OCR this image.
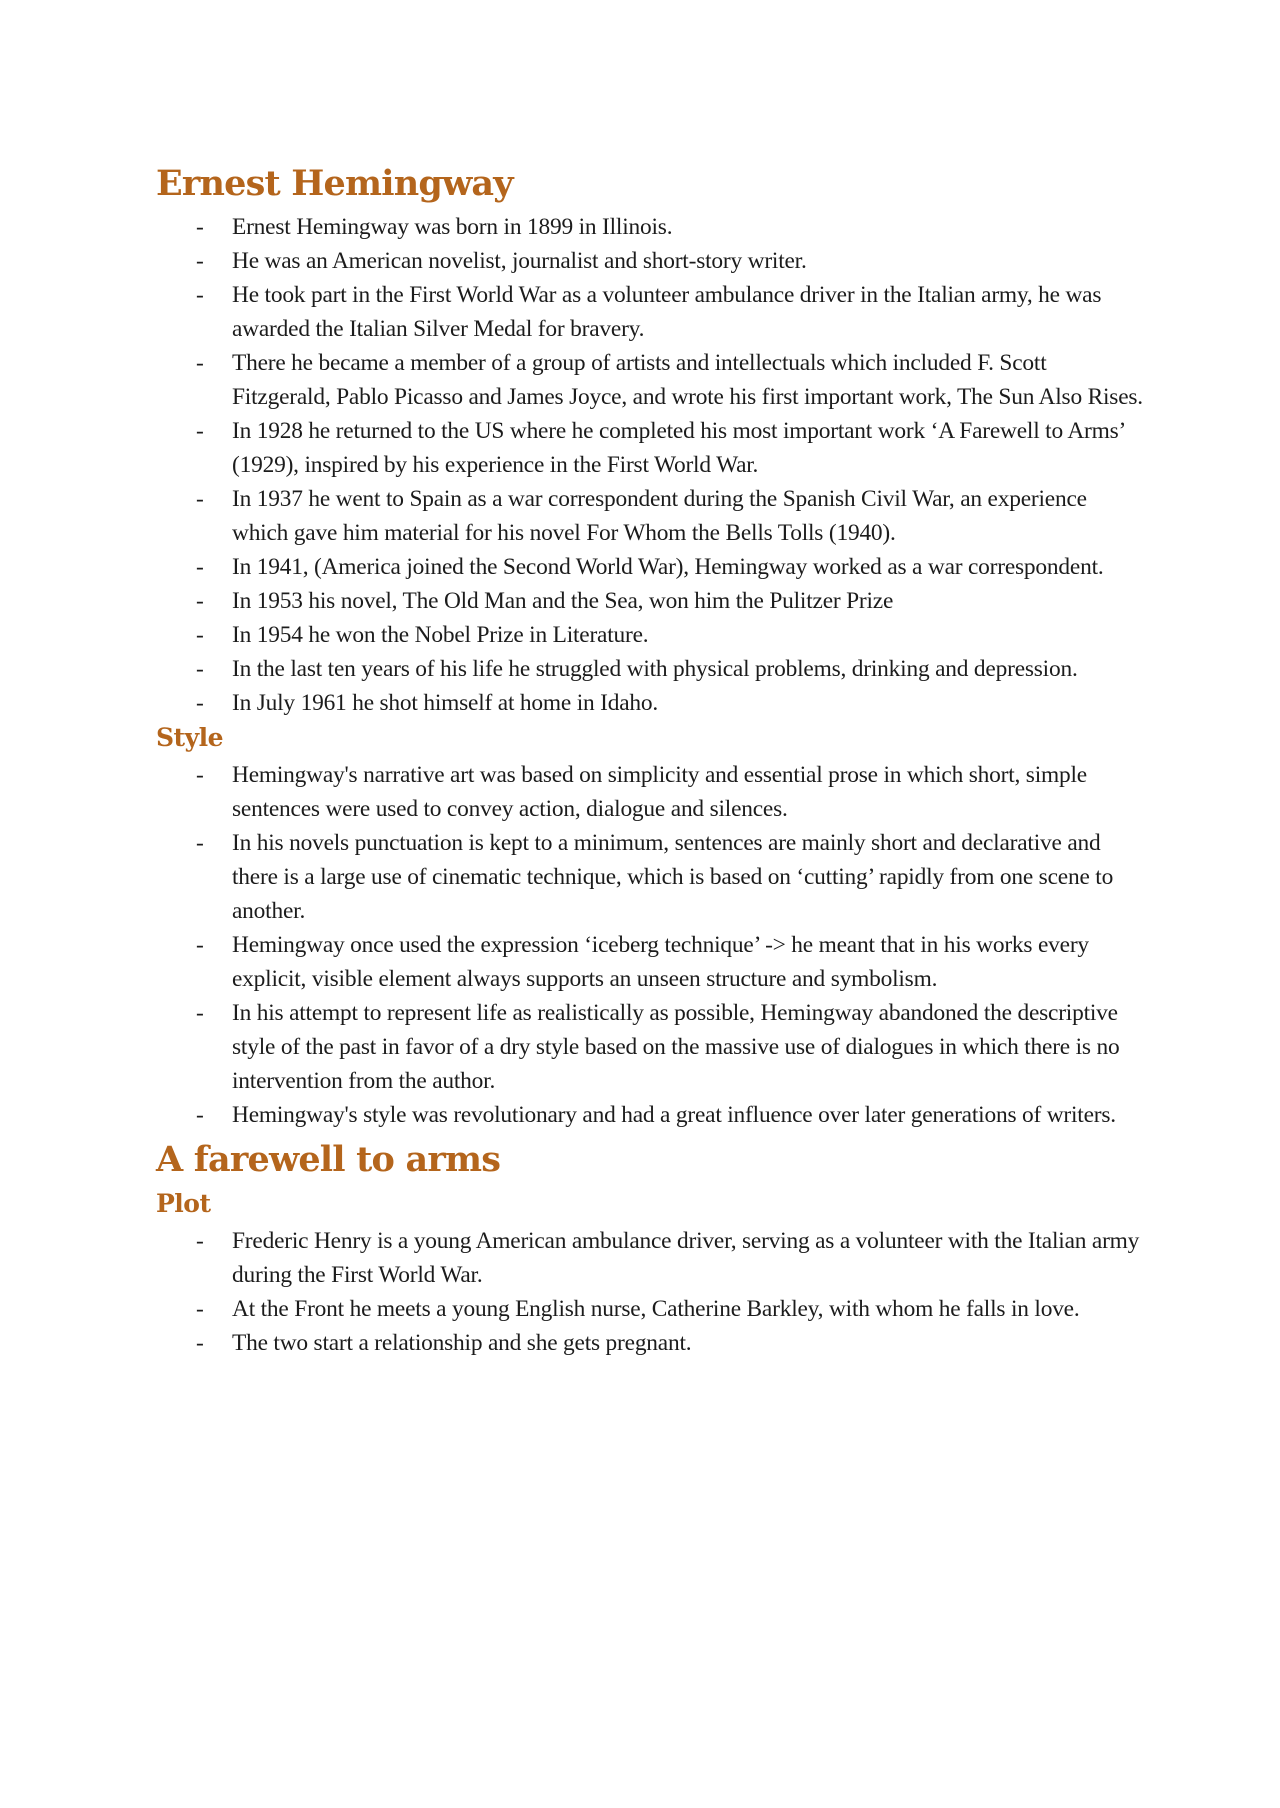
Ernest Hemingway
- Ernest Hemingway was born in 1899 in Illinois.
- He was an American novelist, journalist and short-story writer.
- He took part in the First World War as a volunteer ambulance driver in the Italian army, he was awarded the Italian Silver Medal for bravery.
- There he became a member of a group of artists and intellectuals which included F. Scott Fitzgerald, Pablo Picasso and James Joyce, and wrote his first important work, The Sun Also Rises.
- In 1928 he returned to the US where he completed his most important work ‘A Farewell to Arms’ (1929), inspired by his experience in the First World War.
- In 1937 he went to Spain as a war correspondent during the Spanish Civil War, an experience which gave him material for his novel For Whom the Bells Tolls (1940).
- In 1941, (America joined the Second World War), Hemingway worked as a war correspondent.
- In 1953 his novel, The Old Man and the Sea, won him the Pulitzer Prize
- In 1954 he won the Nobel Prize in Literature.
- In the last ten years of his life he struggled with physical problems, drinking and depression.
- In July 1961 he shot himself at home in Idaho.
Style
- Hemingway's narrative art was based on simplicity and essential prose in which short, simple sentences were used to convey action, dialogue and silences.
- In his novels punctuation is kept to a minimum, sentences are mainly short and declarative and there is a large use of cinematic technique, which is based on ‘cutting’ rapidly from one scene to another.
- Hemingway once used the expression ‘iceberg technique’ -> he meant that in his works every explicit, visible element always supports an unseen structure and symbolism.
- In his attempt to represent life as realistically as possible, Hemingway abandoned the descriptive style of the past in favor of a dry style based on the massive use of dialogues in which there is no intervention from the author.
- Hemingway's style was revolutionary and had a great influence over later generations of writers.
A farewell to arms
Plot
- Frederic Henry is a young American ambulance driver, serving as a volunteer with the Italian army during the First World War.
- At the Front he meets a young English nurse, Catherine Barkley, with whom he falls in love.
- The two start a relationship and she gets pregnant.
